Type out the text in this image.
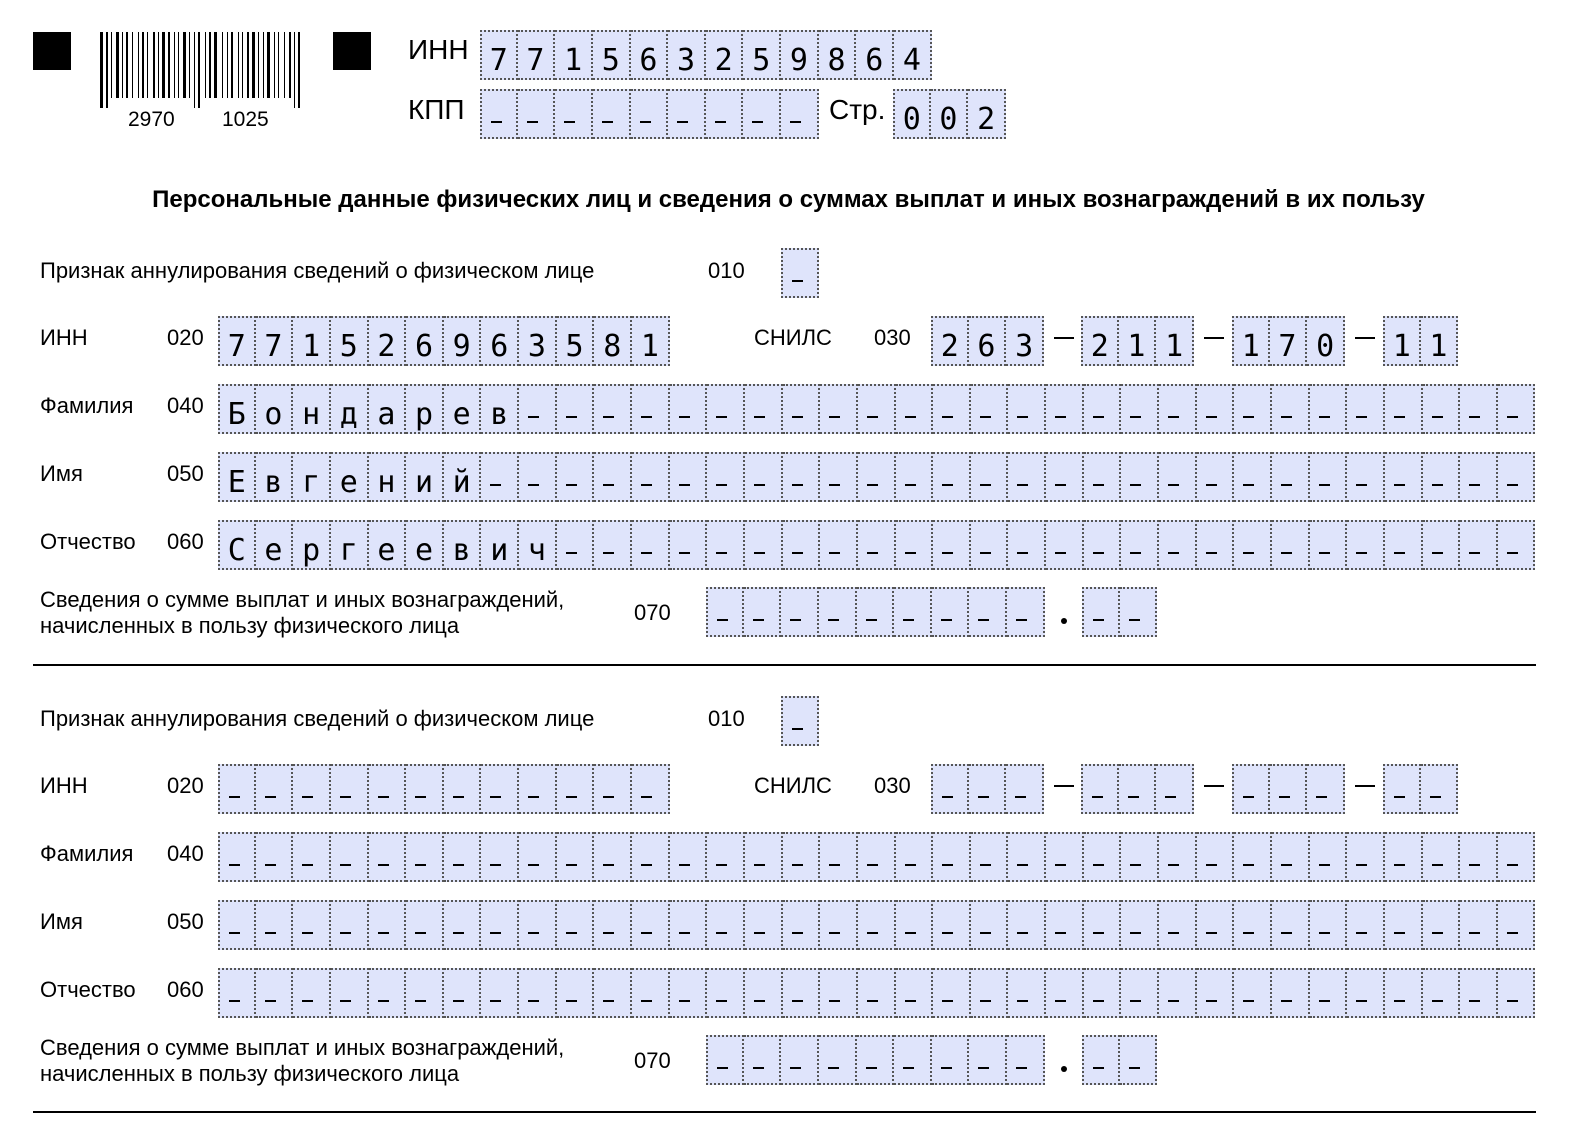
2970 1025
ИНН 7 7 1 5 6 3 2 5 9 8 6 4
КПП	Стр. 0 0 2
Персональные данные физических лиц и сведения о суммах выплат и иных вознаграждений в их пользу
Признак аннулирования сведений о физическом лице	010
ИНН	020 7 7 1 5 2 6 9 6 3 5 8 1	СНИЛС 030	2 6 3	2 1 1	1 7 0	1 1
Фамилия 040 Б о н д а р е в
Имя	050 Е в г е н и й
Отчество 060 С е р г е е в и ч
Сведения о сумме выплат и иных вознаграждений,
начисленных в пользу физического лица
070
Признак аннулирования сведений о физическом лице	010
ИНН	020	СНИЛС 030
Фамилия 040
Имя	050
Отчество 060
Сведения о сумме выплат и иных вознаграждений,
начисленных в пользу физического лица
070
